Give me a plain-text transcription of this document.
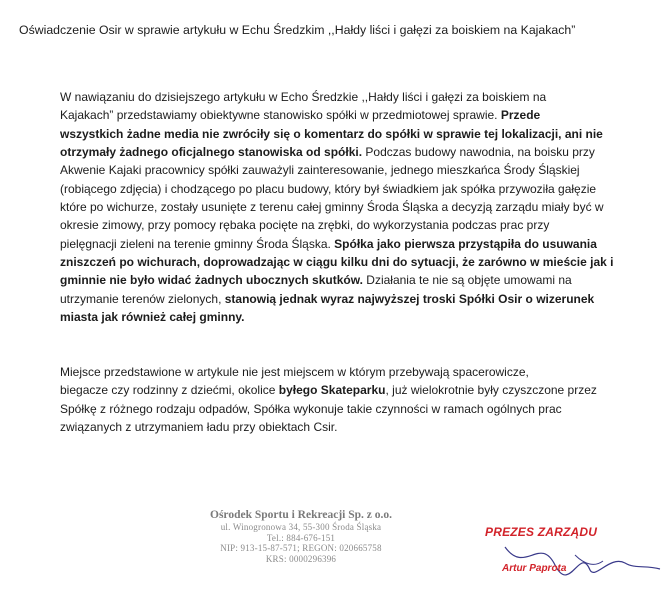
Oświadczenie Osir w sprawie artykułu w Echu Średzkim ,,Hałdy liści i gałęzi za boiskiem na Kajakach”
W nawiązaniu do dzisiejszego artykułu w Echo Średzkie ,,Hałdy liści i gałęzi za boiskiem na
Kajakach” przedstawiamy obiektywne stanowisko spółki w przedmiotowej sprawie. Przede
wszystkich żadne media nie zwróciły się o komentarz do spółki w sprawie tej lokalizacji, ani nie
otrzymały żadnego oficjalnego stanowiska od spółki. Podczas budowy nawodnia, na boisku przy
Akwenie Kajaki pracownicy spółki zauważyli zainteresowanie, jednego mieszkańca Środy Śląskiej
(robiącego zdjęcia) i chodzącego po placu budowy, który był świadkiem jak spółka przywoziła gałęzie
które po wichurze, zostały usunięte z terenu całej gminny Środa Śląska a decyzją zarządu miały być w
okresie zimowy, przy pomocy rębaka pocięte na zrębki, do wykorzystania podczas prac przy
pielęgnacji zieleni na terenie gminny Środa Śląska. Spółka jako pierwsza przystąpiła do usuwania
zniszczeń po wichurach, doprowadzając w ciągu kilku dni do sytuacji, że zarówno w mieście jak i
gminnie nie było widać żadnych ubocznych skutków. Działania te nie są objęte umowami na
utrzymanie terenów zielonych, stanowią jednak wyraz najwyższej troski Spółki Osir o wizerunek
miasta jak również całej gminny.
Miejsce przedstawione w artykule nie jest miejscem w którym przebywają spacerowicze,
biegacze czy rodzinny z dziećmi, okolice byłego Skateparku, już wielokrotnie były czyszczone przez
Spółkę z różnego rodzaju odpadów, Spółka wykonuje takie czynności w ramach ogólnych prac
związanych z utrzymaniem ładu przy obiektach Csir.
Ośrodek Sportu i Rekreacji Sp. z o.o.
ul. Winogronowa 34, 55-300 Środa Śląska
Tel.: 884-676-151
NIP: 913-15-87-571; REGON: 020665758
KRS: 0000296396
PREZES ZARZĄDU
Artur Paprota
